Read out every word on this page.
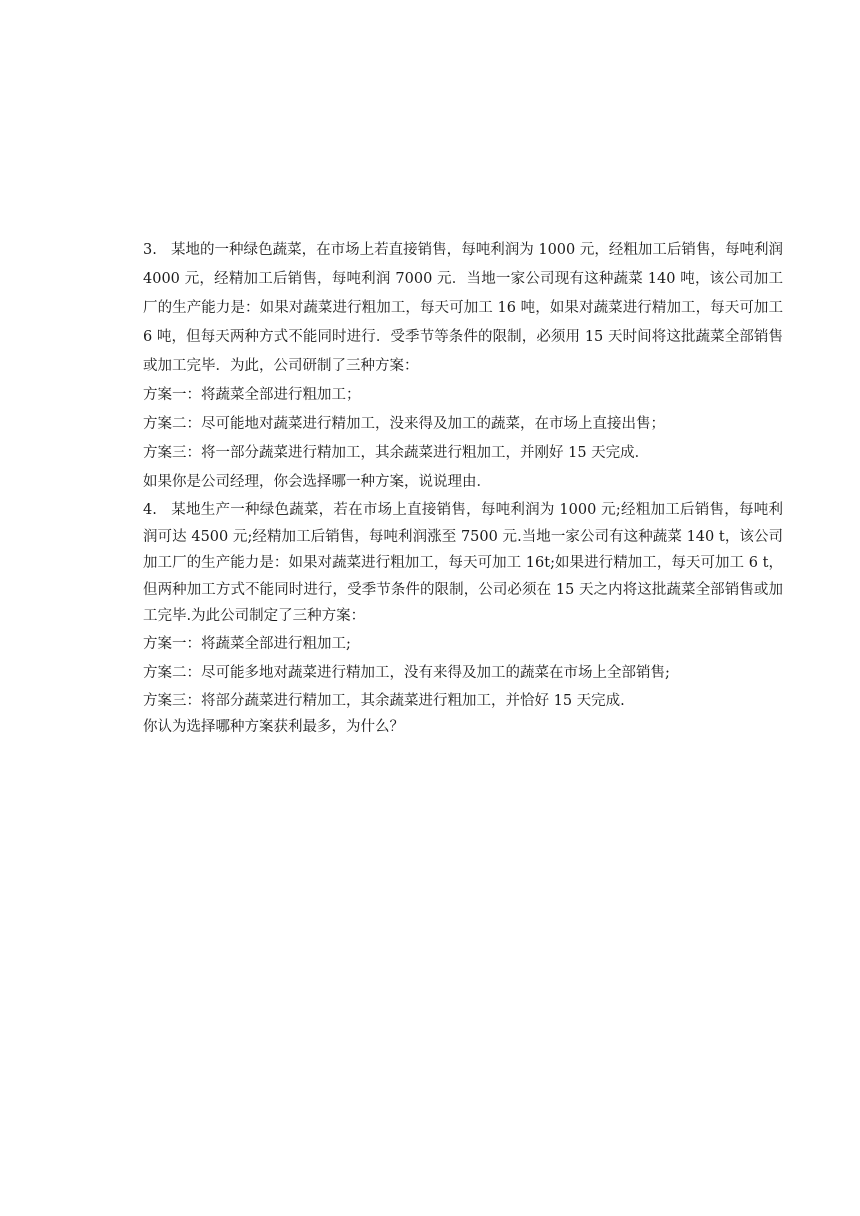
3. 某地的一种绿色蔬菜，在市场上若直接销售，每吨利润为 1000 元，经粗加工后销售，每吨利润 4000 元，经精加工后销售，每吨利润 7000 元．当地一家公司现有这种蔬菜 140 吨，该公司加工厂的生产能力是：如果对蔬菜进行粗加工，每天可加工 16 吨，如果对蔬菜进行精加工，每天可加工 6 吨，但每天两种方式不能同时进行．受季节等条件的限制，必须用 15 天时间将这批蔬菜全部销售或加工完毕．为此，公司研制了三种方案：

方案一：将蔬菜全部进行粗加工；

方案二：尽可能地对蔬菜进行精加工，没来得及加工的蔬菜，在市场上直接出售；

方案三：将一部分蔬菜进行精加工，其余蔬菜进行粗加工，并刚好 15 天完成．

如果你是公司经理，你会选择哪一种方案，说说理由．

4. 某地生产一种绿色蔬菜，若在市场上直接销售，每吨利润为 1000 元;经粗加工后销售，每吨利润可达 4500 元;经精加工后销售，每吨利润涨至 7500 元.当地一家公司有这种蔬菜 140 t，该公司加工厂的生产能力是：如果对蔬菜进行粗加工，每天可加工 16t;如果进行精加工，每天可加工 6 t，但两种加工方式不能同时进行，受季节条件的限制，公司必须在 15 天之内将这批蔬菜全部销售或加工完毕.为此公司制定了三种方案：

方案一：将蔬菜全部进行粗加工;

方案二：尽可能多地对蔬菜进行精加工，没有来得及加工的蔬菜在市场上全部销售;

方案三：将部分蔬菜进行精加工，其余蔬菜进行粗加工，并恰好 15 天完成.

你认为选择哪种方案获利最多，为什么？
